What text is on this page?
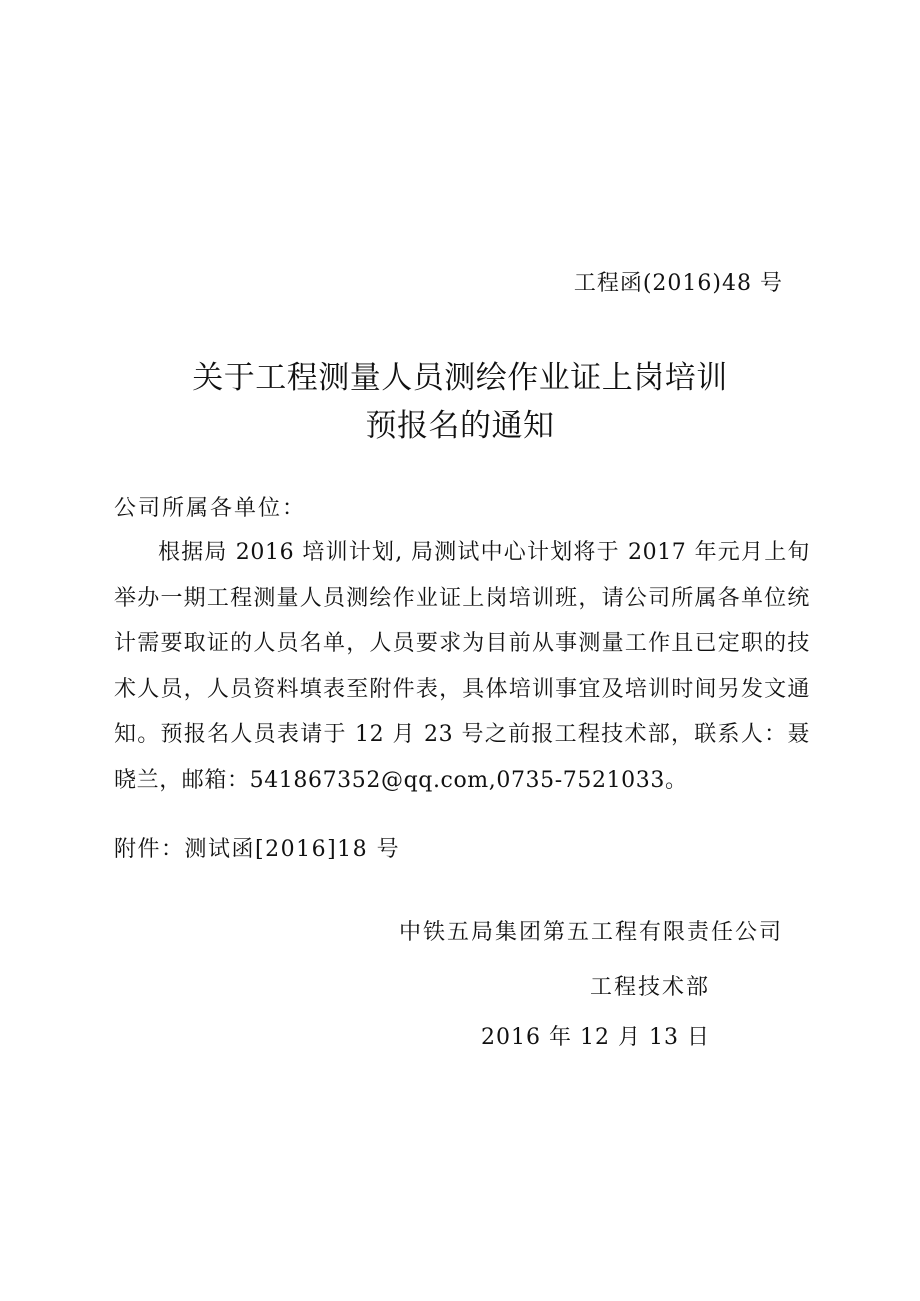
工程函(2016)48 号
关于工程测量人员测绘作业证上岗培训
预报名的通知
公司所属各单位：

根据局 2016 培训计划, 局测试中心计划将于 2017 年元月上旬举办一期工程测量人员测绘作业证上岗培训班，请公司所属各单位统计需要取证的人员名单，人员要求为目前从事测量工作且已定职的技术人员，人员资料填表至附件表，具体培训事宜及培训时间另发文通知。预报名人员表请于 12 月 23 号之前报工程技术部，联系人：聂晓兰，邮箱：541867352@qq.com,0735-7521033。

附件：测试函[2016]18 号
中铁五局集团第五工程有限责任公司
工程技术部
2016 年 12 月 13 日
